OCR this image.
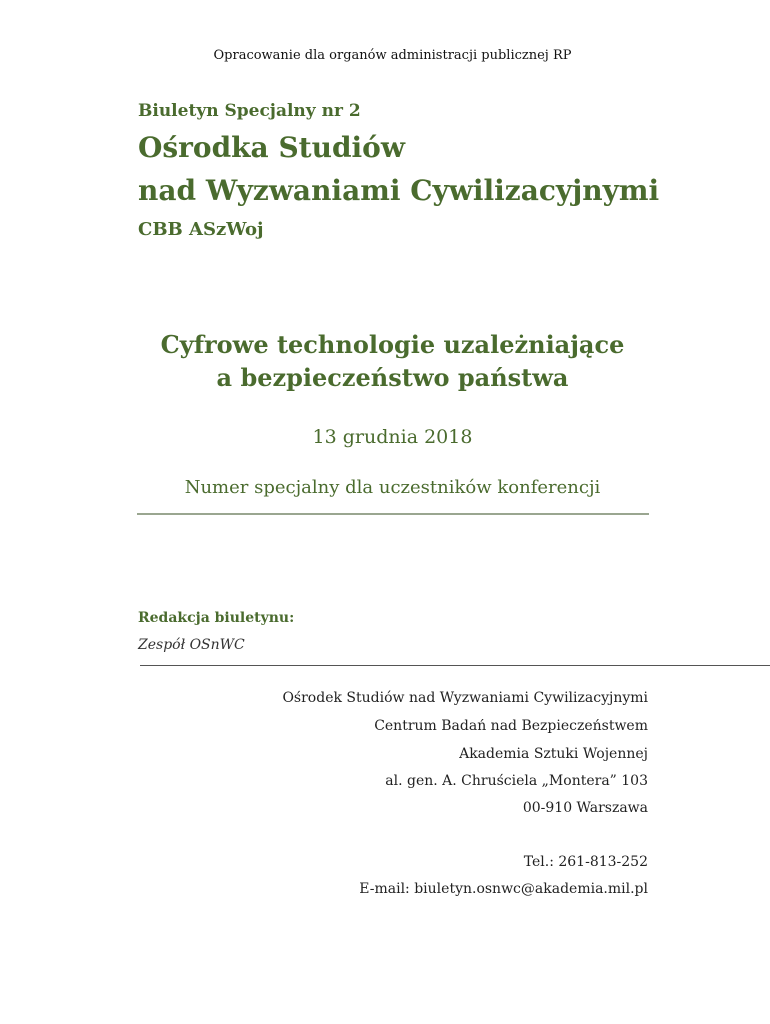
Opracowanie dla organów administracji publicznej RP
Biuletyn Specjalny nr 2
Ośrodka Studiów
nad Wyzwaniami Cywilizacyjnymi
CBB ASzWoj
Cyfrowe technologie uzależniające
a bezpieczeństwo państwa
13 grudnia 2018
Numer specjalny dla uczestników konferencji
Redakcja biuletynu:
Zespół OSnWC
Ośrodek Studiów nad Wyzwaniami Cywilizacyjnymi
Centrum Badań nad Bezpieczeństwem
Akademia Sztuki Wojennej
al. gen. A. Chruściela „Montera” 103
00-910 Warszawa
Tel.: 261-813-252
E-mail: biuletyn.osnwc@akademia.mil.pl
